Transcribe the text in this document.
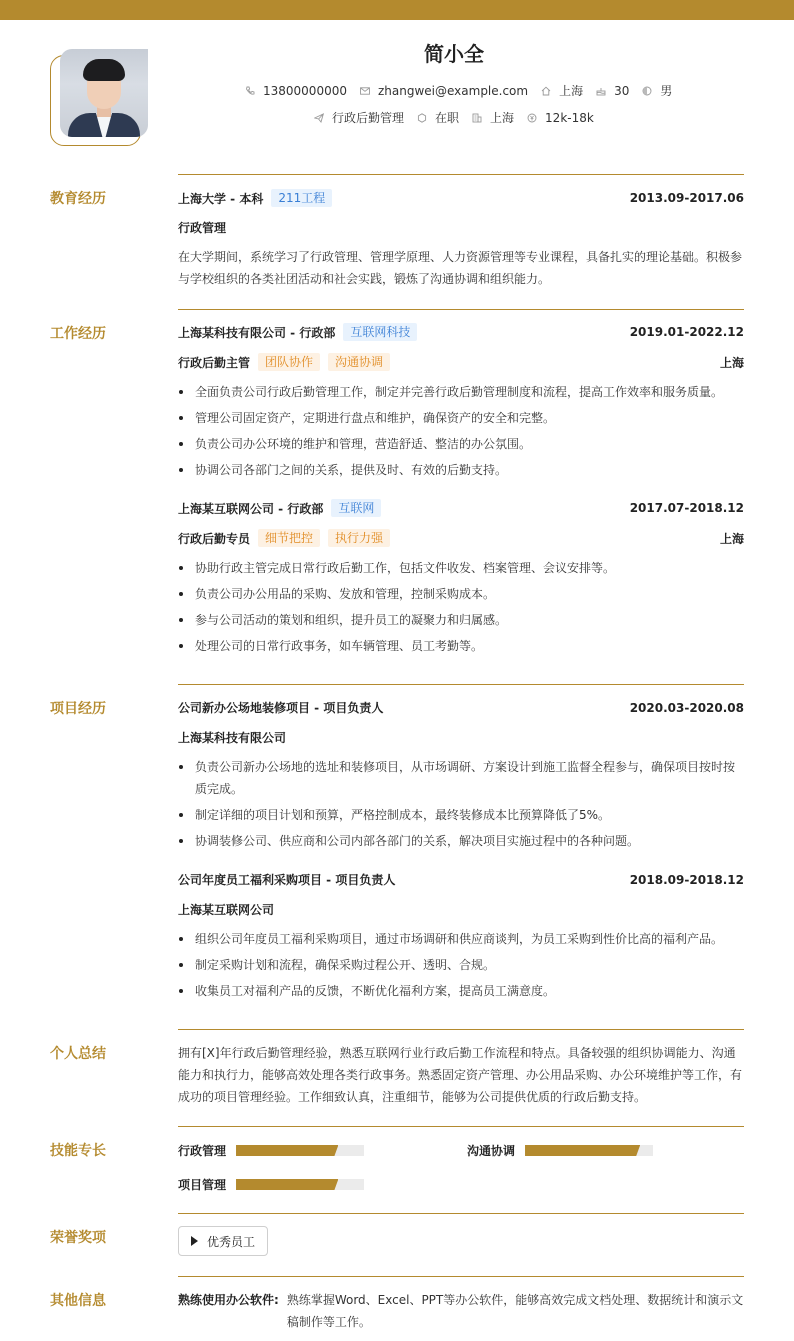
简小全
13800000000	zhangwei@example.com	上海	30	男
行政后勤管理	在职	上海	12k-18k
教育经历	上海大学 - 本科	211工程	2013.09-2017.06
行政管理
在大学期间，系统学习了行政管理、管理学原理、人力资源管理等专业课程，具备扎实的理论基础。积极参与学校组织的各类社团活动和社会实践，锻炼了沟通协调和组织能力。
工作经历	上海某科技有限公司 - 行政部	互联网科技	2019.01-2022.12
行政后勤主管	团队协作	沟通协调	上海
全面负责公司行政后勤管理工作，制定并完善行政后勤管理制度和流程，提高工作效率和服务质量。
管理公司固定资产，定期进行盘点和维护，确保资产的安全和完整。
负责公司办公环境的维护和管理，营造舒适、整洁的办公氛围。
协调公司各部门之间的关系，提供及时、有效的后勤支持。
上海某互联网公司 - 行政部	互联网	2017.07-2018.12
行政后勤专员	细节把控	执行力强	上海
协助行政主管完成日常行政后勤工作，包括文件收发、档案管理、会议安排等。
负责公司办公用品的采购、发放和管理，控制采购成本。
参与公司活动的策划和组织，提升员工的凝聚力和归属感。
处理公司的日常行政事务，如车辆管理、员工考勤等。
项目经历	公司新办公场地装修项目 - 项目负责人	2020.03-2020.08
上海某科技有限公司
负责公司新办公场地的选址和装修项目，从市场调研、方案设计到施工监督全程参与，确保项目按时按质完成。
制定详细的项目计划和预算，严格控制成本，最终装修成本比预算降低了5%。
协调装修公司、供应商和公司内部各部门的关系，解决项目实施过程中的各种问题。
公司年度员工福利采购项目 - 项目负责人	2018.09-2018.12
上海某互联网公司
组织公司年度员工福利采购项目，通过市场调研和供应商谈判，为员工采购到性价比高的福利产品。
制定采购计划和流程，确保采购过程公开、透明、合规。
收集员工对福利产品的反馈，不断优化福利方案，提高员工满意度。
个人总结	拥有[X]年行政后勤管理经验，熟悉互联网行业行政后勤工作流程和特点。具备较强的组织协调能力、沟通能力和执行力，能够高效处理各类行政事务。熟悉固定资产管理、办公用品采购、办公环境维护等工作，有成功的项目管理经验。工作细致认真，注重细节，能够为公司提供优质的行政后勤支持。
技能专长	行政管理	沟通协调
项目管理
荣誉奖项	优秀员工
其他信息	熟练使用办公软件: 熟练掌握Word、Excel、PPT等办公软件，能够高效完成文档处理、数据统计和演示文稿制作等工作。
